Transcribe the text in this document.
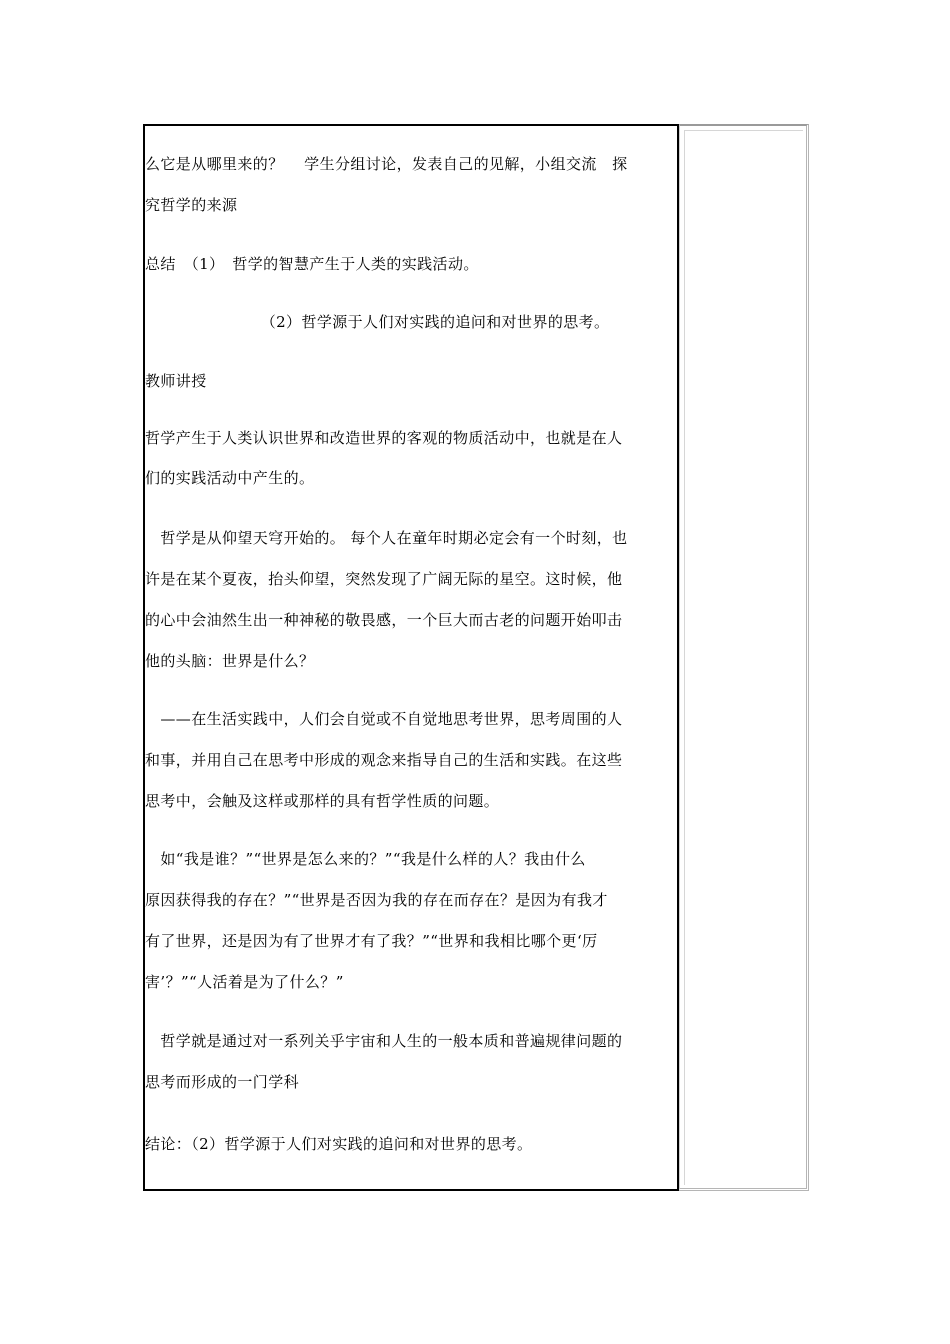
么它是从哪里来的？　 学生分组讨论，发表自己的见解，小组交流　探
究哲学的来源
总结　（1）　哲学的智慧产生于人类的实践活动。
　　　　　　　　（2）哲学源于人们对实践的追问和对世界的思考。
教师讲授
哲学产生于人类认识世界和改造世界的客观的物质活动中，也就是在人
们的实践活动中产生的。
　哲学是从仰望天穹开始的。 每个人在童年时期必定会有一个时刻，也
许是在某个夏夜，抬头仰望，突然发现了广阔无际的星空。这时候，他
的心中会油然生出一种神秘的敬畏感，一个巨大而古老的问题开始叩击
他的头脑：世界是什么？
　——在生活实践中，人们会自觉或不自觉地思考世界，思考周围的人
和事，并用自己在思考中形成的观念来指导自己的生活和实践。在这些
思考中，会触及这样或那样的具有哲学性质的问题。
　如“我是谁？”“世界是怎么来的？”“我是什么样的人？我由什么
原因获得我的存在？”“世界是否因为我的存在而存在？是因为有我才
有了世界，还是因为有了世界才有了我？”“世界和我相比哪个更‘厉
害’？”“人活着是为了什么？”
　哲学就是通过对一系列关乎宇宙和人生的一般本质和普遍规律问题的
思考而形成的一门学科
结论：（2）哲学源于人们对实践的追问和对世界的思考。
